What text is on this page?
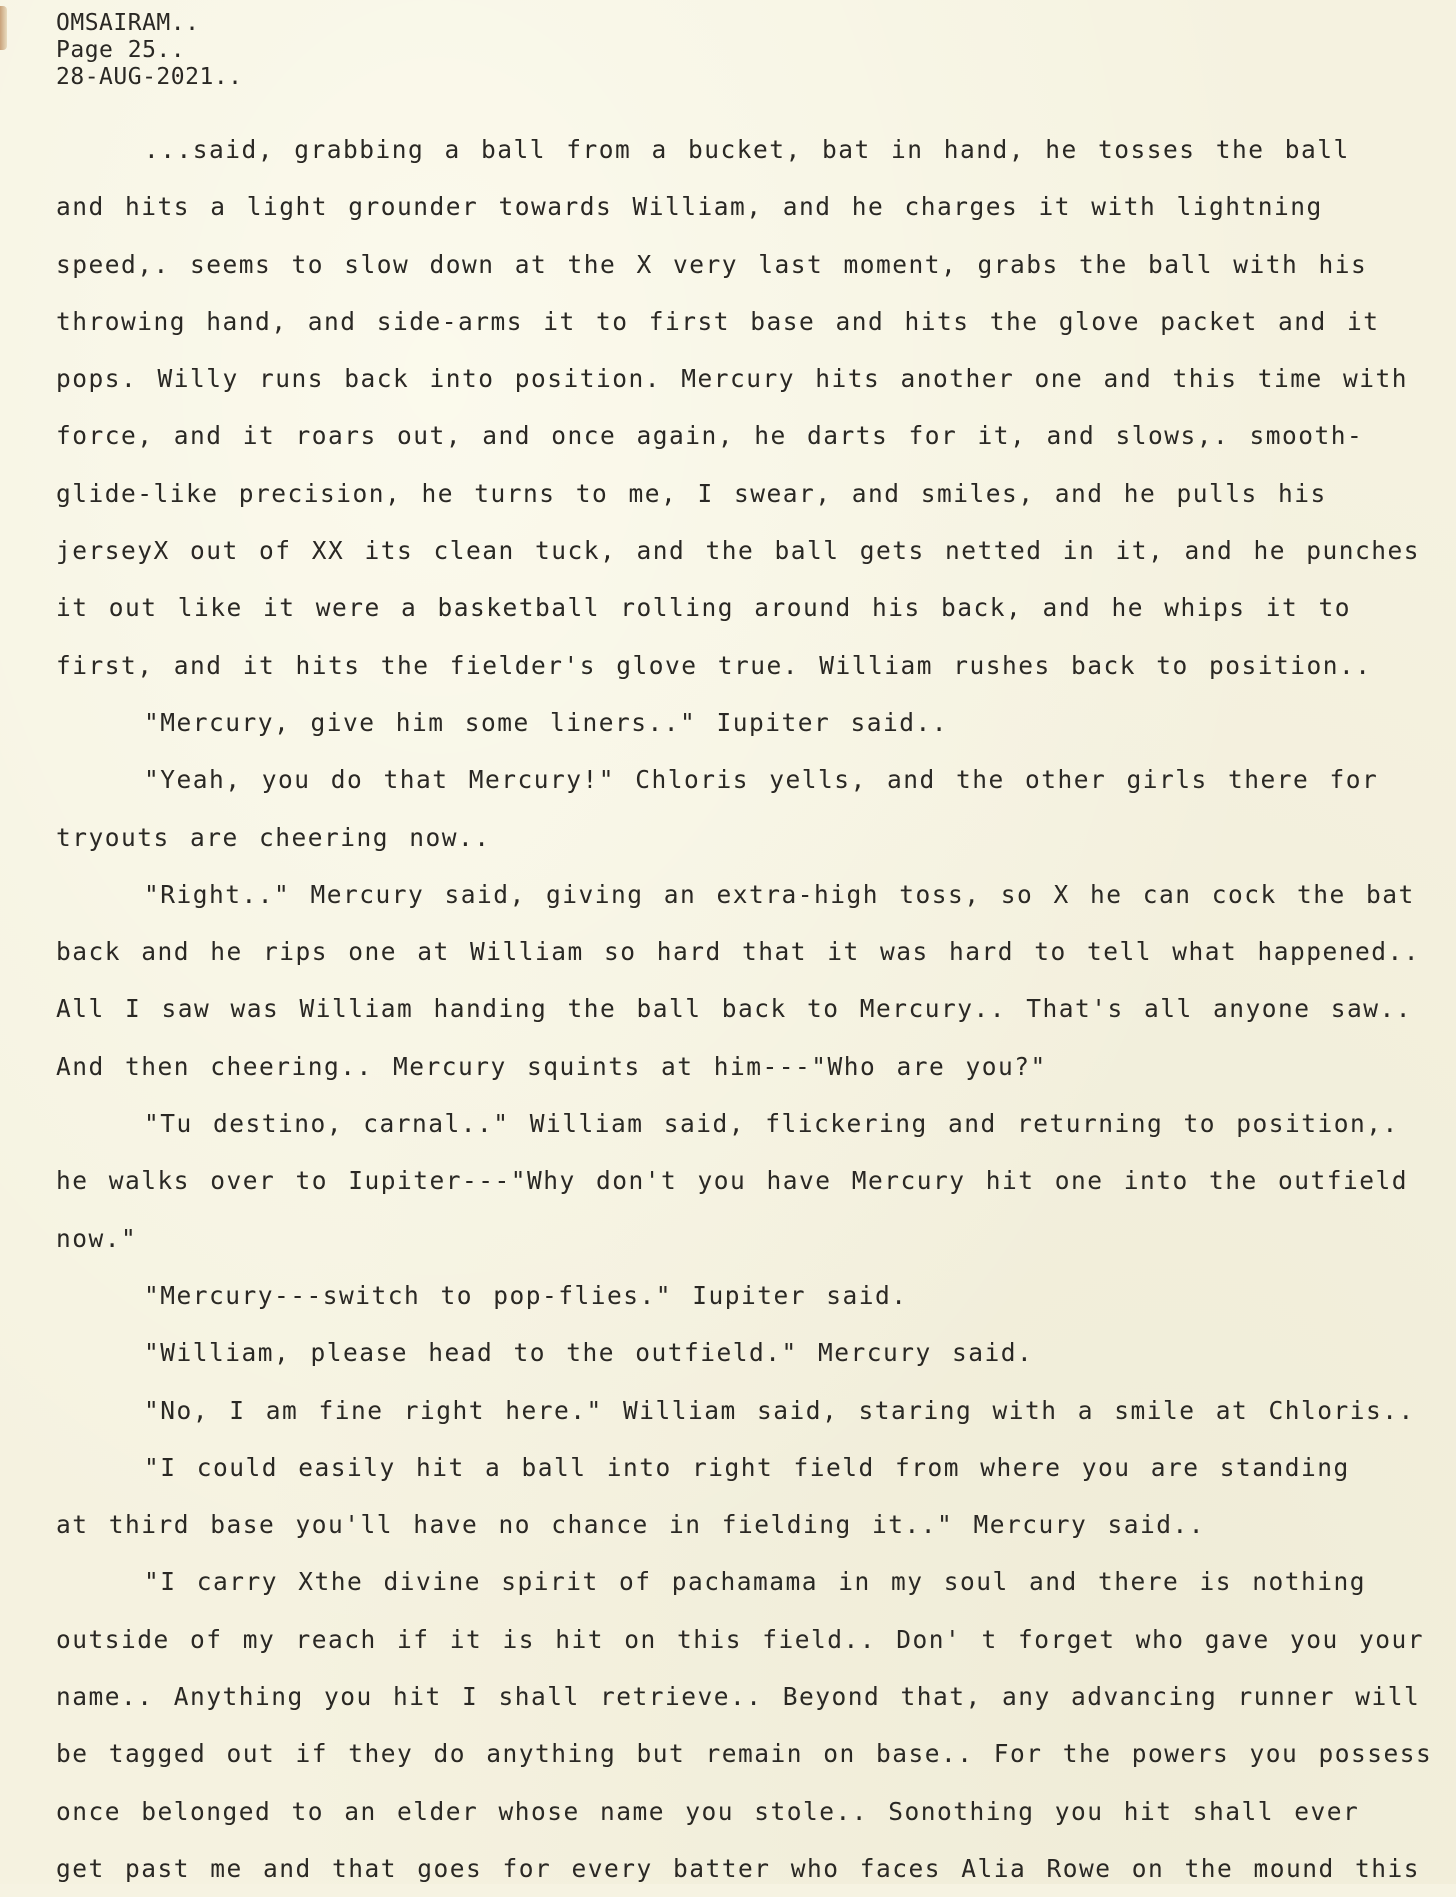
OMSAIRAM..
Page 25..
28-AUG-2021..
...said, grabbing a ball from a bucket, bat in hand, he tosses the ball
and hits a light grounder towards William, and he charges it with lightning
speed,. seems to slow down at the X very last moment, grabs the ball with his
throwing hand, and side-arms it to first base and hits the glove packet and it
pops. Willy runs back into position. Mercury hits another one and this time with
force, and it roars out, and once again, he darts for it, and slows,. smooth-
glide-like precision, he turns to me, I swear, and smiles, and he pulls his
jerseyX out of XX its clean tuck, and the ball gets netted in it, and he punches
it out like it were a basketball rolling around his back, and he whips it to
first, and it hits the fielder's glove true. William rushes back to position..
"Mercury, give him some liners.." Iupiter said..
"Yeah, you do that Mercury!" Chloris yells, and the other girls there for
tryouts are cheering now..
"Right.." Mercury said, giving an extra-high toss, so X he can cock the bat
back and he rips one at William so hard that it was hard to tell what happened..
All I saw was William handing the ball back to Mercury.. That's all anyone saw..
And then cheering.. Mercury squints at him---"Who are you?"
"Tu destino, carnal.." William said, flickering and returning to position,.
he walks over to Iupiter---"Why don't you have Mercury hit one into the outfield
now."
"Mercury---switch to pop-flies." Iupiter said.
"William, please head to the outfield." Mercury said.
"No, I am fine right here." William said, staring with a smile at Chloris..
"I could easily hit a ball into right field from where you are standing
at third base you'll have no chance in fielding it.." Mercury said..
"I carry Xthe divine spirit of pachamama in my soul and there is nothing
outside of my reach if it is hit on this field.. Don' t forget who gave you your
name.. Anything you hit I shall retrieve.. Beyond that, any advancing runner will
be tagged out if they do anything but remain on base.. For the powers you possess
once belonged to an elder whose name you stole.. Sonothing you hit shall ever
get past me and that goes for every batter who faces Alia Rowe on the mound this
